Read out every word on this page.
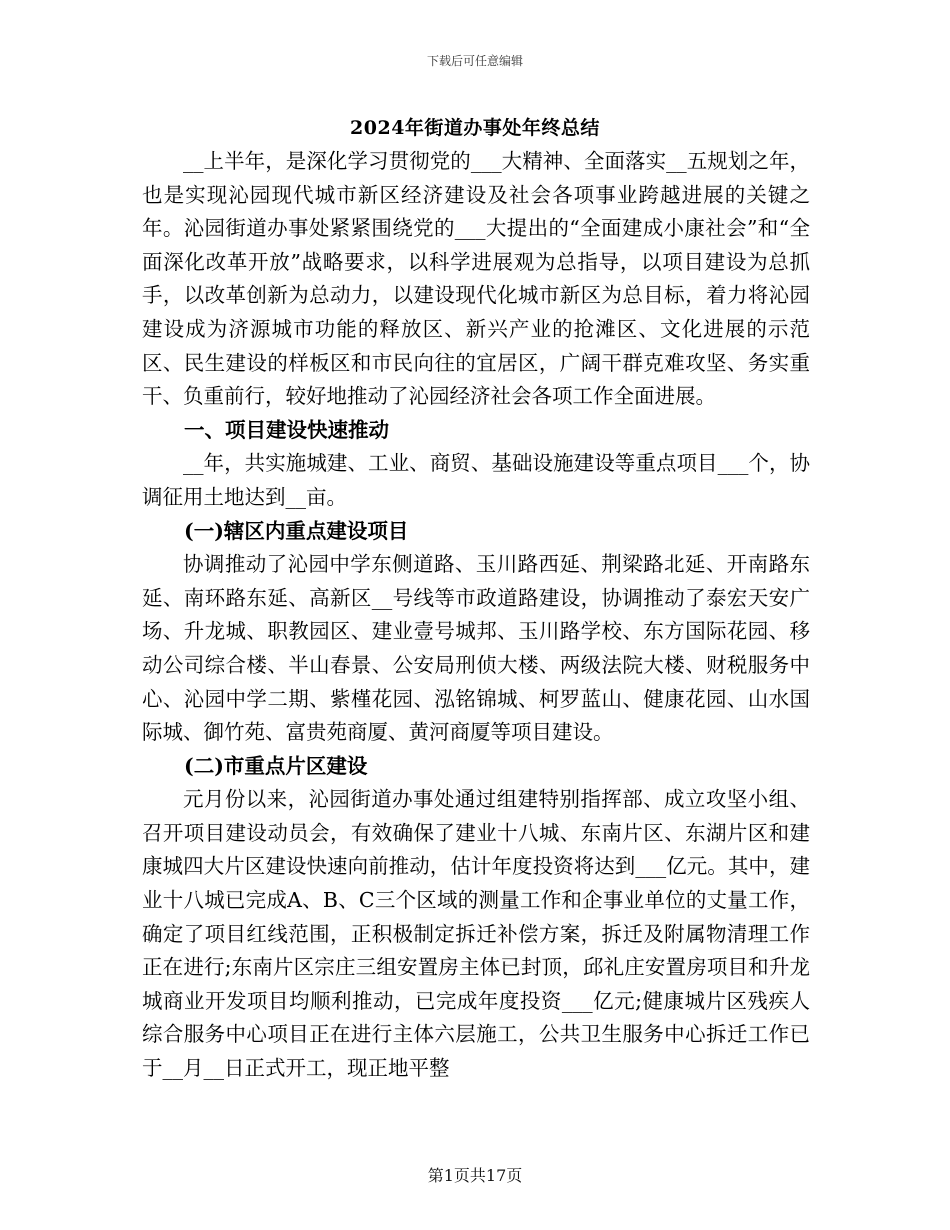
下载后可任意编辑
2024年街道办事处年终总结

__上半年，是深化学习贯彻党的___大精神、全面落实__五规划之年，也是实现沁园现代城市新区经济建设及社会各项事业跨越进展的关键之年。沁园街道办事处紧紧围绕党的___大提出的“全面建成小康社会”和“全面深化改革开放”战略要求，以科学进展观为总指导，以项目建设为总抓手，以改革创新为总动力，以建设现代化城市新区为总目标，着力将沁园建设成为济源城市功能的释放区、新兴产业的抢滩区、文化进展的示范区、民生建设的样板区和市民向往的宜居区，广阔干群克难攻坚、务实重干、负重前行，较好地推动了沁园经济社会各项工作全面进展。

一、项目建设快速推动

__年，共实施城建、工业、商贸、基础设施建设等重点项目___个，协调征用土地达到__亩。

(一)辖区内重点建设项目

协调推动了沁园中学东侧道路、玉川路西延、荆梁路北延、开南路东延、南环路东延、高新区__号线等市政道路建设，协调推动了泰宏天安广场、升龙城、职教园区、建业壹号城邦、玉川路学校、东方国际花园、移动公司综合楼、半山春景、公安局刑侦大楼、两级法院大楼、财税服务中心、沁园中学二期、紫槿花园、泓铭锦城、柯罗蓝山、健康花园、山水国际城、御竹苑、富贵苑商厦、黄河商厦等项目建设。

(二)市重点片区建设

元月份以来，沁园街道办事处通过组建特别指挥部、成立攻坚小组、召开项目建设动员会，有效确保了建业十八城、东南片区、东湖片区和建康城四大片区建设快速向前推动，估计年度投资将达到___亿元。其中，建业十八城已完成A、B、C三个区域的测量工作和企事业单位的丈量工作，确定了项目红线范围，正积极制定拆迁补偿方案，拆迁及附属物清理工作正在进行;东南片区宗庄三组安置房主体已封顶，邱礼庄安置房项目和升龙城商业开发项目均顺利推动，已完成年度投资___亿元;健康城片区残疾人综合服务中心项目正在进行主体六层施工，公共卫生服务中心拆迁工作已于__月__日正式开工，现正地平整

第1页共17页
